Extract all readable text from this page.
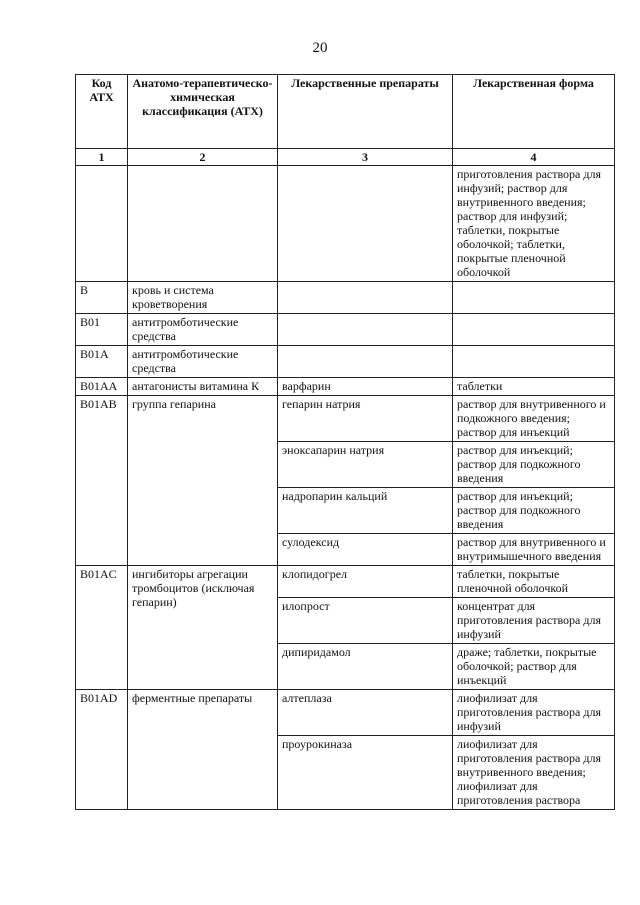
20
Код АТХ	Анатомо-терапевтическо-химическая классификация (АТХ)	Лекарственные препараты	Лекарственная форма
1	2	3	4
			приготовления раствора для инфузий; раствор для внутривенного введения; раствор для инфузий; таблетки, покрытые оболочкой; таблетки, покрытые пленочной оболочкой
B	кровь и система кроветворения		
B01	антитромботические средства		
B01A	антитромботические средства		
B01AA	антагонисты витамина К	варфарин	таблетки
B01AB	группа гепарина	гепарин натрия	раствор для внутривенного и подкожного введения; раствор для инъекций
		эноксапарин натрия	раствор для инъекций; раствор для подкожного введения
		надропарин кальций	раствор для инъекций; раствор для подкожного введения
		сулодексид	раствор для внутривенного и внутримышечного введения
B01AC	ингибиторы агрегации тромбоцитов (исключая гепарин)	клопидогрел	таблетки, покрытые пленочной оболочкой
		илопрост	концентрат для приготовления раствора для инфузий
		дипиридамол	драже; таблетки, покрытые оболочкой; раствор для инъекций
B01AD	ферментные препараты	алтеплаза	лиофилизат для приготовления раствора для инфузий
		проурокиназа	лиофилизат для приготовления раствора для внутривенного введения; лиофилизат для приготовления раствора
